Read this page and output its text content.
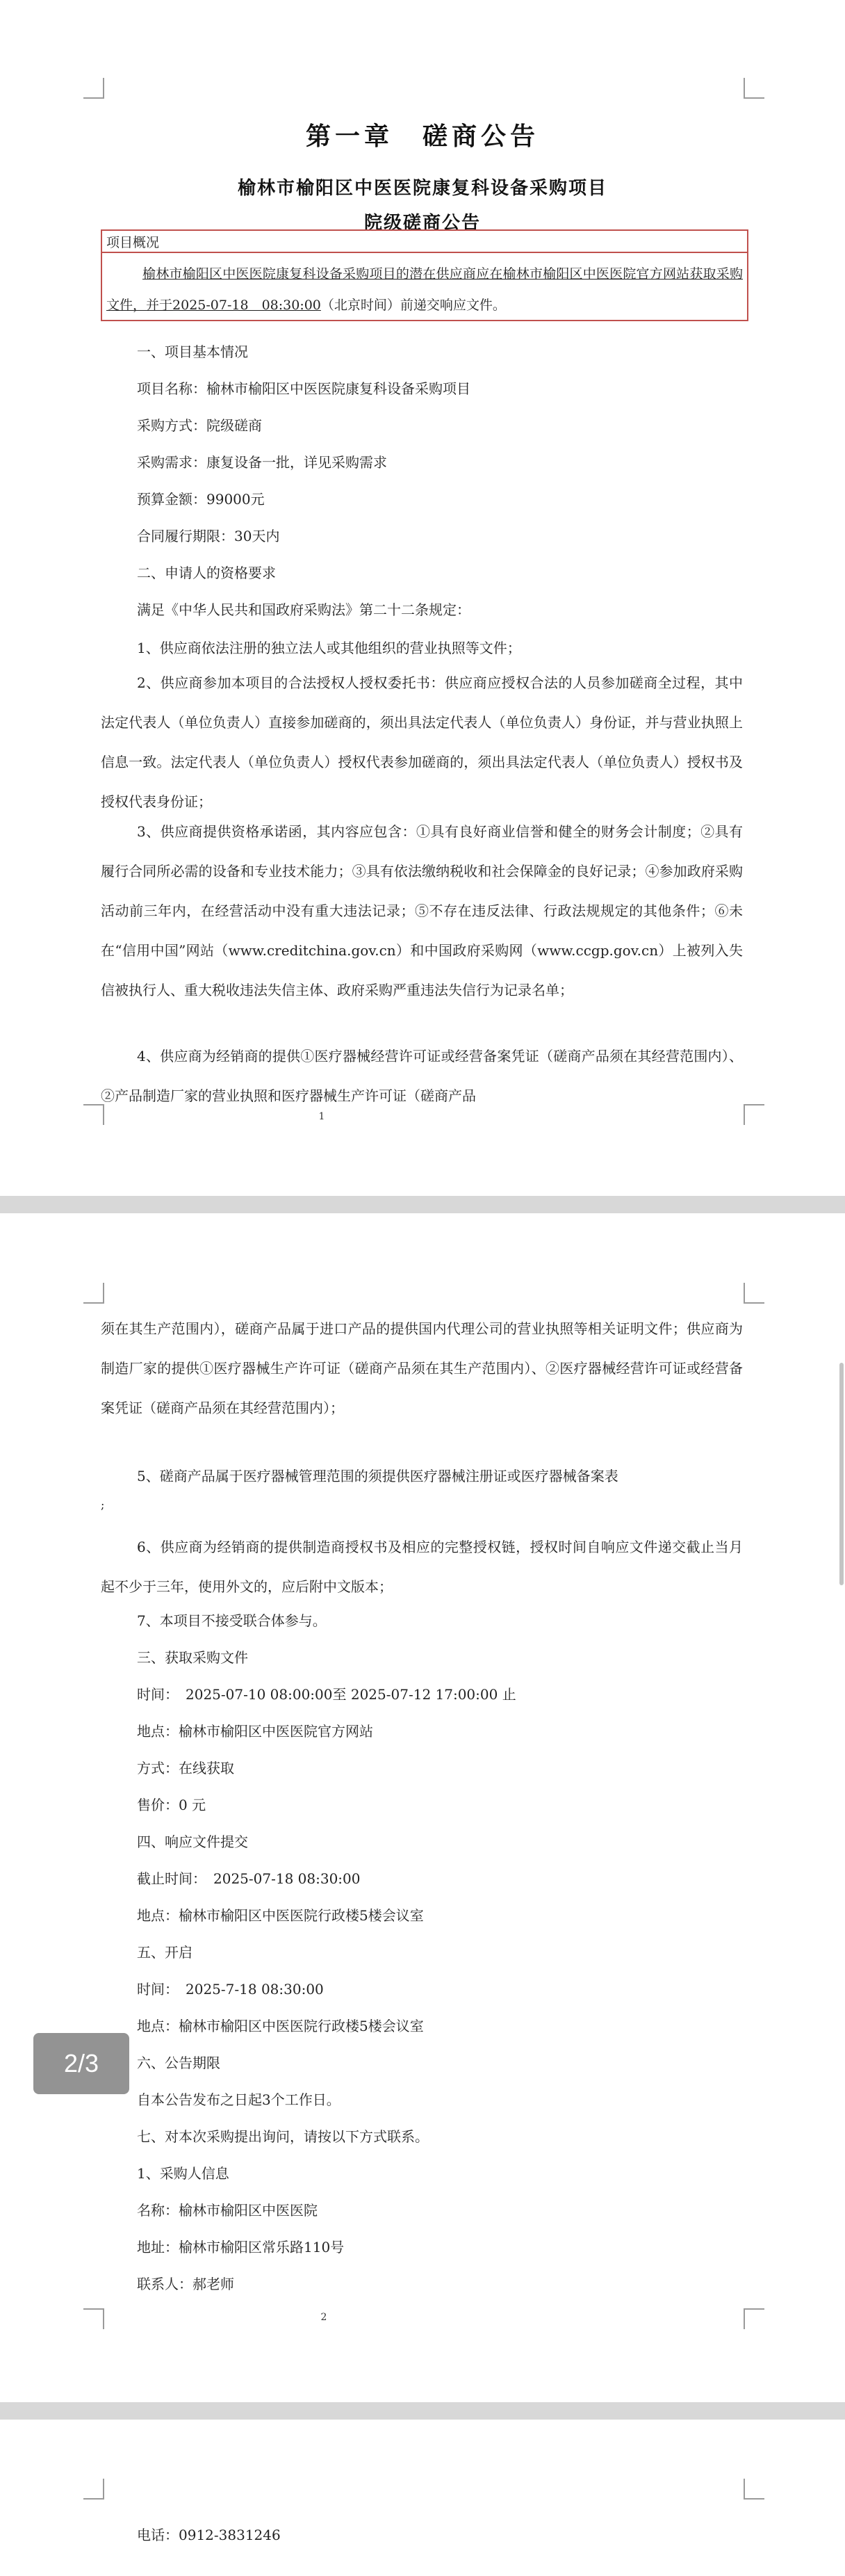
第一章　磋商公告
榆林市榆阳区中医医院康复科设备采购项目
院级磋商公告
项目概况
榆林市榆阳区中医医院康复科设备采购项目的潜在供应商应在榆林市榆阳区中医医院官方网站获取采购文件，并于2025-07-18　08:30:00（北京时间）前递交响应文件。
一、项目基本情况
项目名称：榆林市榆阳区中医医院康复科设备采购项目
采购方式：院级磋商
采购需求：康复设备一批，详见采购需求
预算金额：99000元
合同履行期限：30天内
二、申请人的资格要求
满足《中华人民共和国政府采购法》第二十二条规定：
1、供应商依法注册的独立法人或其他组织的营业执照等文件；
2、供应商参加本项目的合法授权人授权委托书：供应商应授权合法的人员参加磋商全过程，其中法定代表人（单位负责人）直接参加磋商的，须出具法定代表人（单位负责人）身份证，并与营业执照上信息一致。法定代表人（单位负责人）授权代表参加磋商的，须出具法定代表人（单位负责人）授权书及授权代表身份证；
3、供应商提供资格承诺函，其内容应包含：①具有良好商业信誉和健全的财务会计制度；②具有履行合同所必需的设备和专业技术能力；③具有依法缴纳税收和社会保障金的良好记录；④参加政府采购活动前三年内，在经营活动中没有重大违法记录；⑤不存在违反法律、行政法规规定的其他条件；⑥未在“信用中国”网站（www.creditchina.gov.cn）和中国政府采购网（www.ccgp.gov.cn）上被列入失信被执行人、重大税收违法失信主体、政府采购严重违法失信行为记录名单；
4、供应商为经销商的提供①医疗器械经营许可证或经营备案凭证（磋商产品须在其经营范围内）、②产品制造厂家的营业执照和医疗器械生产许可证（磋商产品
1
须在其生产范围内），磋商产品属于进口产品的提供国内代理公司的营业执照等相关证明文件；供应商为制造厂家的提供①医疗器械生产许可证（磋商产品须在其生产范围内）、②医疗器械经营许可证或经营备案凭证（磋商产品须在其经营范围内）；
5、磋商产品属于医疗器械管理范围的须提供医疗器械注册证或医疗器械备案表
;
6、供应商为经销商的提供制造商授权书及相应的完整授权链，授权时间自响应文件递交截止当月起不少于三年，使用外文的，应后附中文版本；
7、本项目不接受联合体参与。
三、获取采购文件
时间：　2025-07-10 08:00:00至 2025-07-12 17:00:00 止
地点：榆林市榆阳区中医医院官方网站
方式：在线获取
售价：0 元
四、响应文件提交
截止时间：　2025-07-18 08:30:00
地点：榆林市榆阳区中医医院行政楼5楼会议室
五、开启
时间：　2025-7-18 08:30:00
地点：榆林市榆阳区中医医院行政楼5楼会议室
六、公告期限
自本公告发布之日起3个工作日。
七、对本次采购提出询问，请按以下方式联系。
1、采购人信息
名称：榆林市榆阳区中医医院
地址：榆林市榆阳区常乐路110号
联系人：郝老师
2
电话：0912-3831246
2/3
